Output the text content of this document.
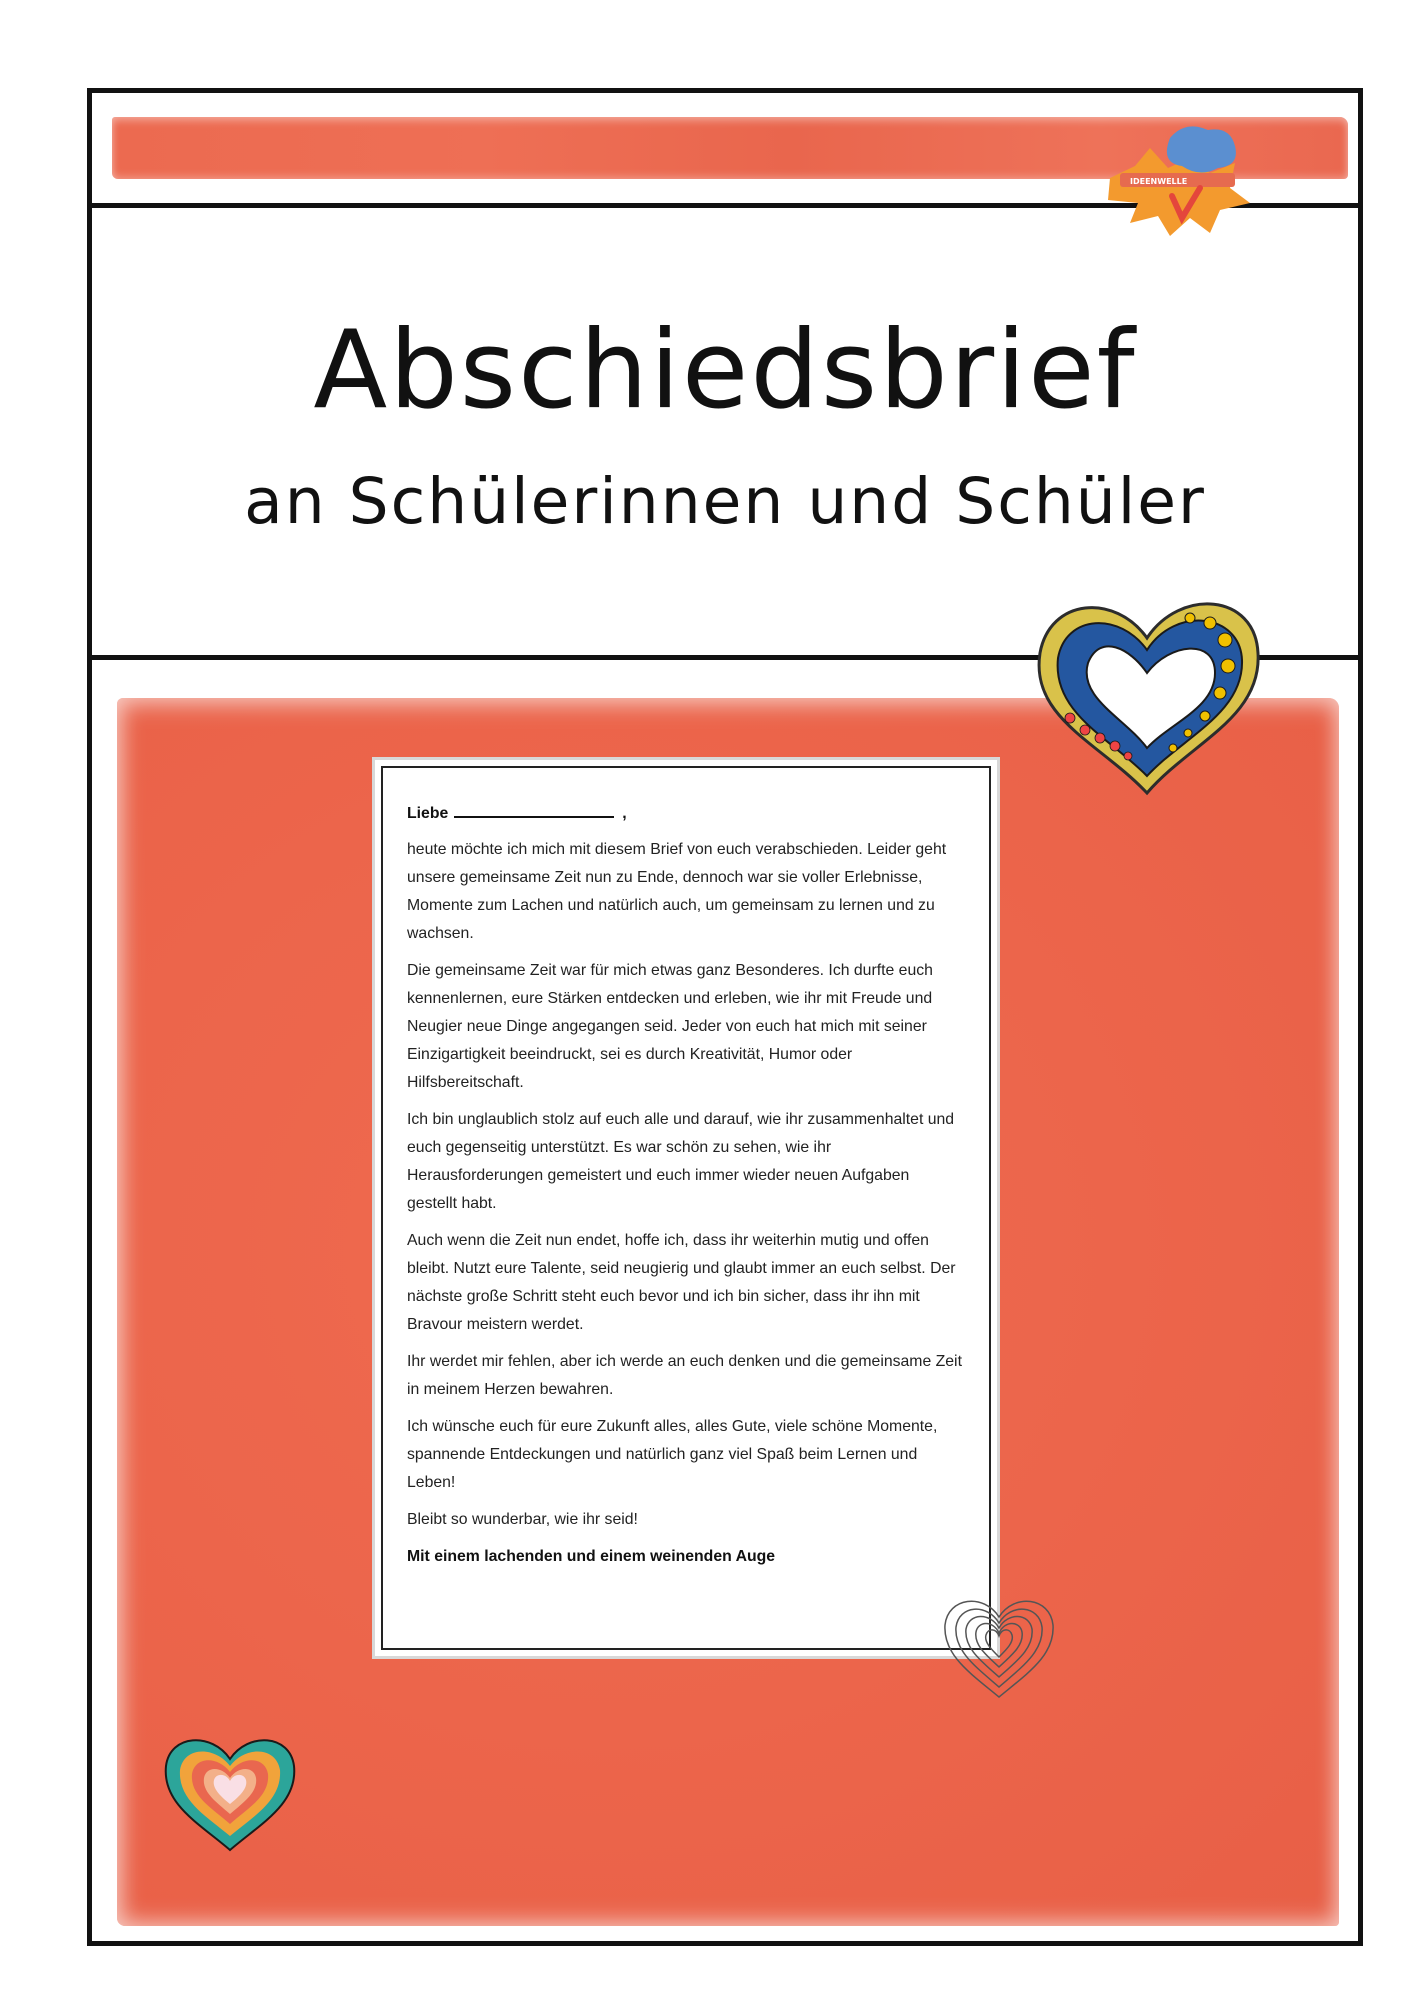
Abschiedsbrief
an Schülerinnen und Schüler
IDEENWELLE

Liebe	,

heute möchte ich mich mit diesem Brief von euch verabschieden. Leider geht unsere gemeinsame Zeit nun zu Ende, dennoch war sie voller Erlebnisse, Momente zum Lachen und natürlich auch, um gemeinsam zu lernen und zu wachsen.

Die gemeinsame Zeit war für mich etwas ganz Besonderes. Ich durfte euch kennenlernen, eure Stärken entdecken und erleben, wie ihr mit Freude und Neugier neue Dinge angegangen seid. Jeder von euch hat mich mit seiner Einzigartigkeit beeindruckt, sei es durch Kreativität, Humor oder Hilfsbereitschaft.

Ich bin unglaublich stolz auf euch alle und darauf, wie ihr zusammenhaltet und euch gegenseitig unterstützt. Es war schön zu sehen, wie ihr Herausforderungen gemeistert und euch immer wieder neuen Aufgaben gestellt habt.

Auch wenn die Zeit nun endet, hoffe ich, dass ihr weiterhin mutig und offen bleibt. Nutzt eure Talente, seid neugierig und glaubt immer an euch selbst. Der nächste große Schritt steht euch bevor und ich bin sicher, dass ihr ihn mit Bravour meistern werdet.

Ihr werdet mir fehlen, aber ich werde an euch denken und die gemeinsame Zeit in meinem Herzen bewahren.

Ich wünsche euch für eure Zukunft alles, alles Gute, viele schöne Momente, spannende Entdeckungen und natürlich ganz viel Spaß beim Lernen und Leben!

Bleibt so wunderbar, wie ihr seid!

Mit einem lachenden und einem weinenden Auge
